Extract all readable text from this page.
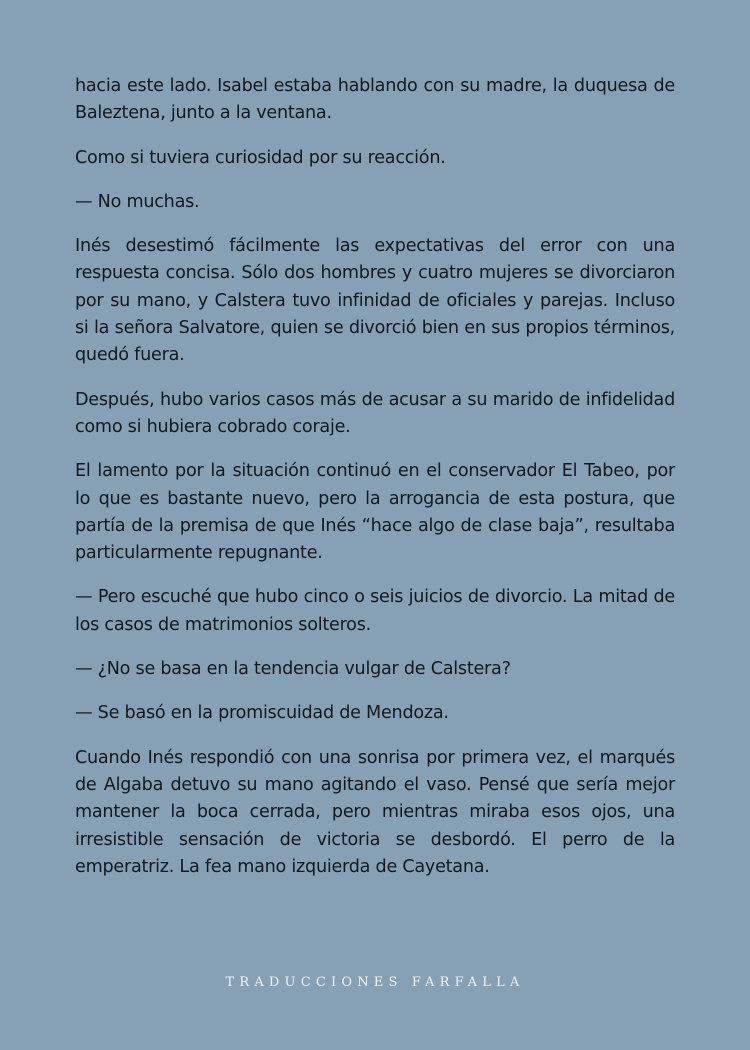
hacia este lado. Isabel estaba hablando con su madre, la duquesa de Baleztena, junto a la ventana.

Como si tuviera curiosidad por su reacción.

— No muchas.

Inés desestimó fácilmente las expectativas del error con una respuesta concisa. Sólo dos hombres y cuatro mujeres se divorciaron por su mano, y Calstera tuvo infinidad de oficiales y parejas. Incluso si la señora Salvatore, quien se divorció bien en sus propios términos, quedó fuera.

Después, hubo varios casos más de acusar a su marido de infidelidad como si hubiera cobrado coraje.

El lamento por la situación continuó en el conservador El Tabeo, por lo que es bastante nuevo, pero la arrogancia de esta postura, que partía de la premisa de que Inés “hace algo de clase baja”, resultaba particularmente repugnante.

— Pero escuché que hubo cinco o seis juicios de divorcio. La mitad de los casos de matrimonios solteros.

— ¿No se basa en la tendencia vulgar de Calstera?

— Se basó en la promiscuidad de Mendoza.

Cuando Inés respondió con una sonrisa por primera vez, el marqués de Algaba detuvo su mano agitando el vaso. Pensé que sería mejor mantener la boca cerrada, pero mientras miraba esos ojos, una irresistible sensación de victoria se desbordó. El perro de la emperatriz. La fea mano izquierda de Cayetana.

TRADUCCIONES FARFALLA
